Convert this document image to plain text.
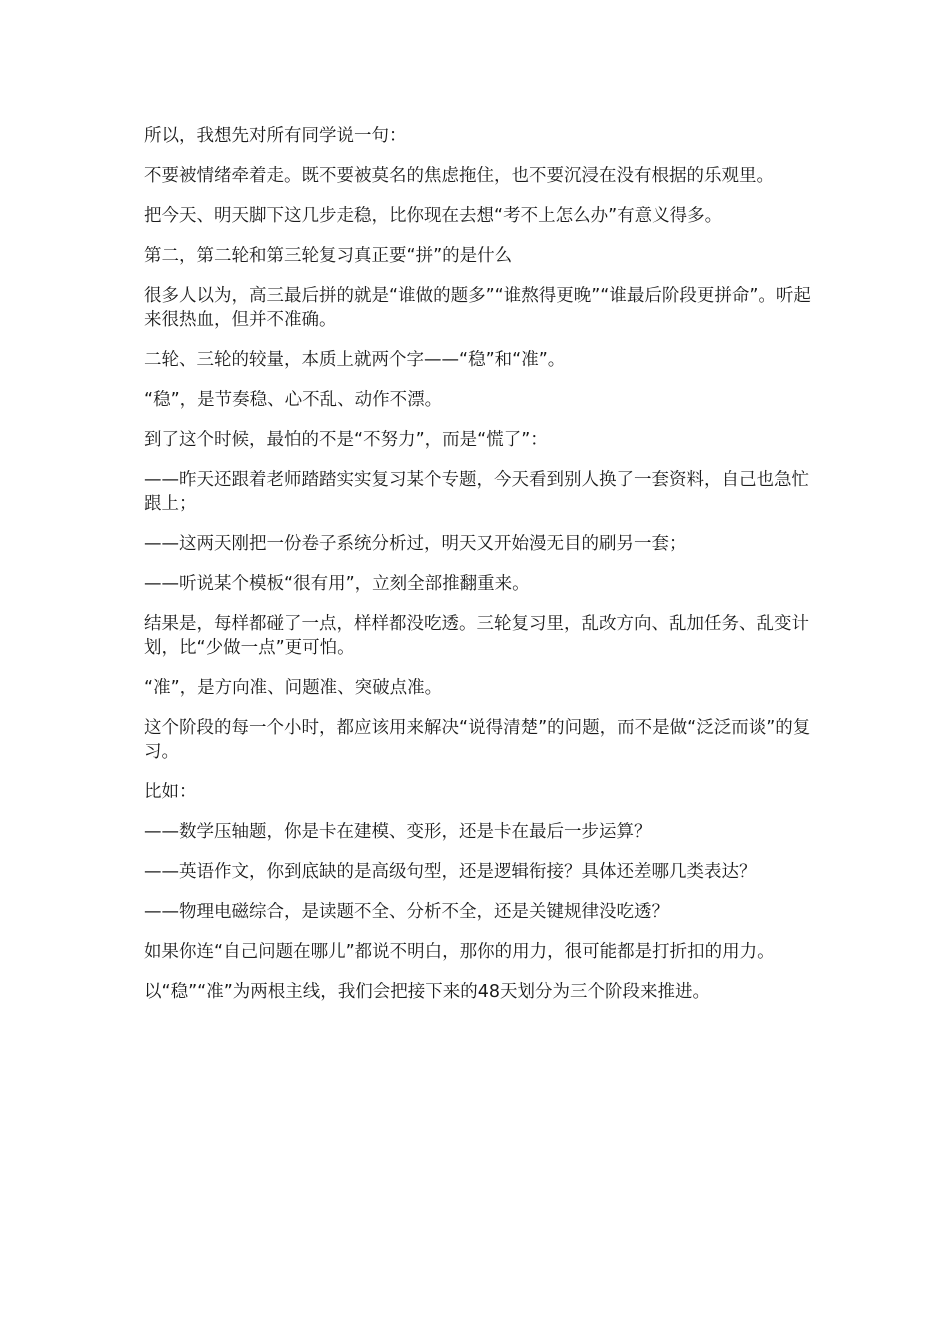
所以，我想先对所有同学说一句：

不要被情绪牵着走。既不要被莫名的焦虑拖住，也不要沉浸在没有根据的乐观里。

把今天、明天脚下这几步走稳，比你现在去想“考不上怎么办”有意义得多。

第二，第二轮和第三轮复习真正要“拼”的是什么

很多人以为，高三最后拼的就是“谁做的题多”“谁熬得更晚”“谁最后阶段更拼命”。听起来很热血，但并不准确。

二轮、三轮的较量，本质上就两个字——“稳”和“准”。

“稳”，是节奏稳、心不乱、动作不漂。

到了这个时候，最怕的不是“不努力”，而是“慌了”：

——昨天还跟着老师踏踏实实复习某个专题，今天看到别人换了一套资料，自己也急忙跟上；

——这两天刚把一份卷子系统分析过，明天又开始漫无目的刷另一套；

——听说某个模板“很有用”，立刻全部推翻重来。

结果是，每样都碰了一点，样样都没吃透。三轮复习里，乱改方向、乱加任务、乱变计划，比“少做一点”更可怕。

“准”，是方向准、问题准、突破点准。

这个阶段的每一个小时，都应该用来解决“说得清楚”的问题，而不是做“泛泛而谈”的复习。

比如：

——数学压轴题，你是卡在建模、变形，还是卡在最后一步运算？

——英语作文，你到底缺的是高级句型，还是逻辑衔接？具体还差哪几类表达？

——物理电磁综合，是读题不全、分析不全，还是关键规律没吃透？

如果你连“自己问题在哪儿”都说不明白，那你的用力，很可能都是打折扣的用力。

以“稳”“准”为两根主线，我们会把接下来的48天划分为三个阶段来推进。
